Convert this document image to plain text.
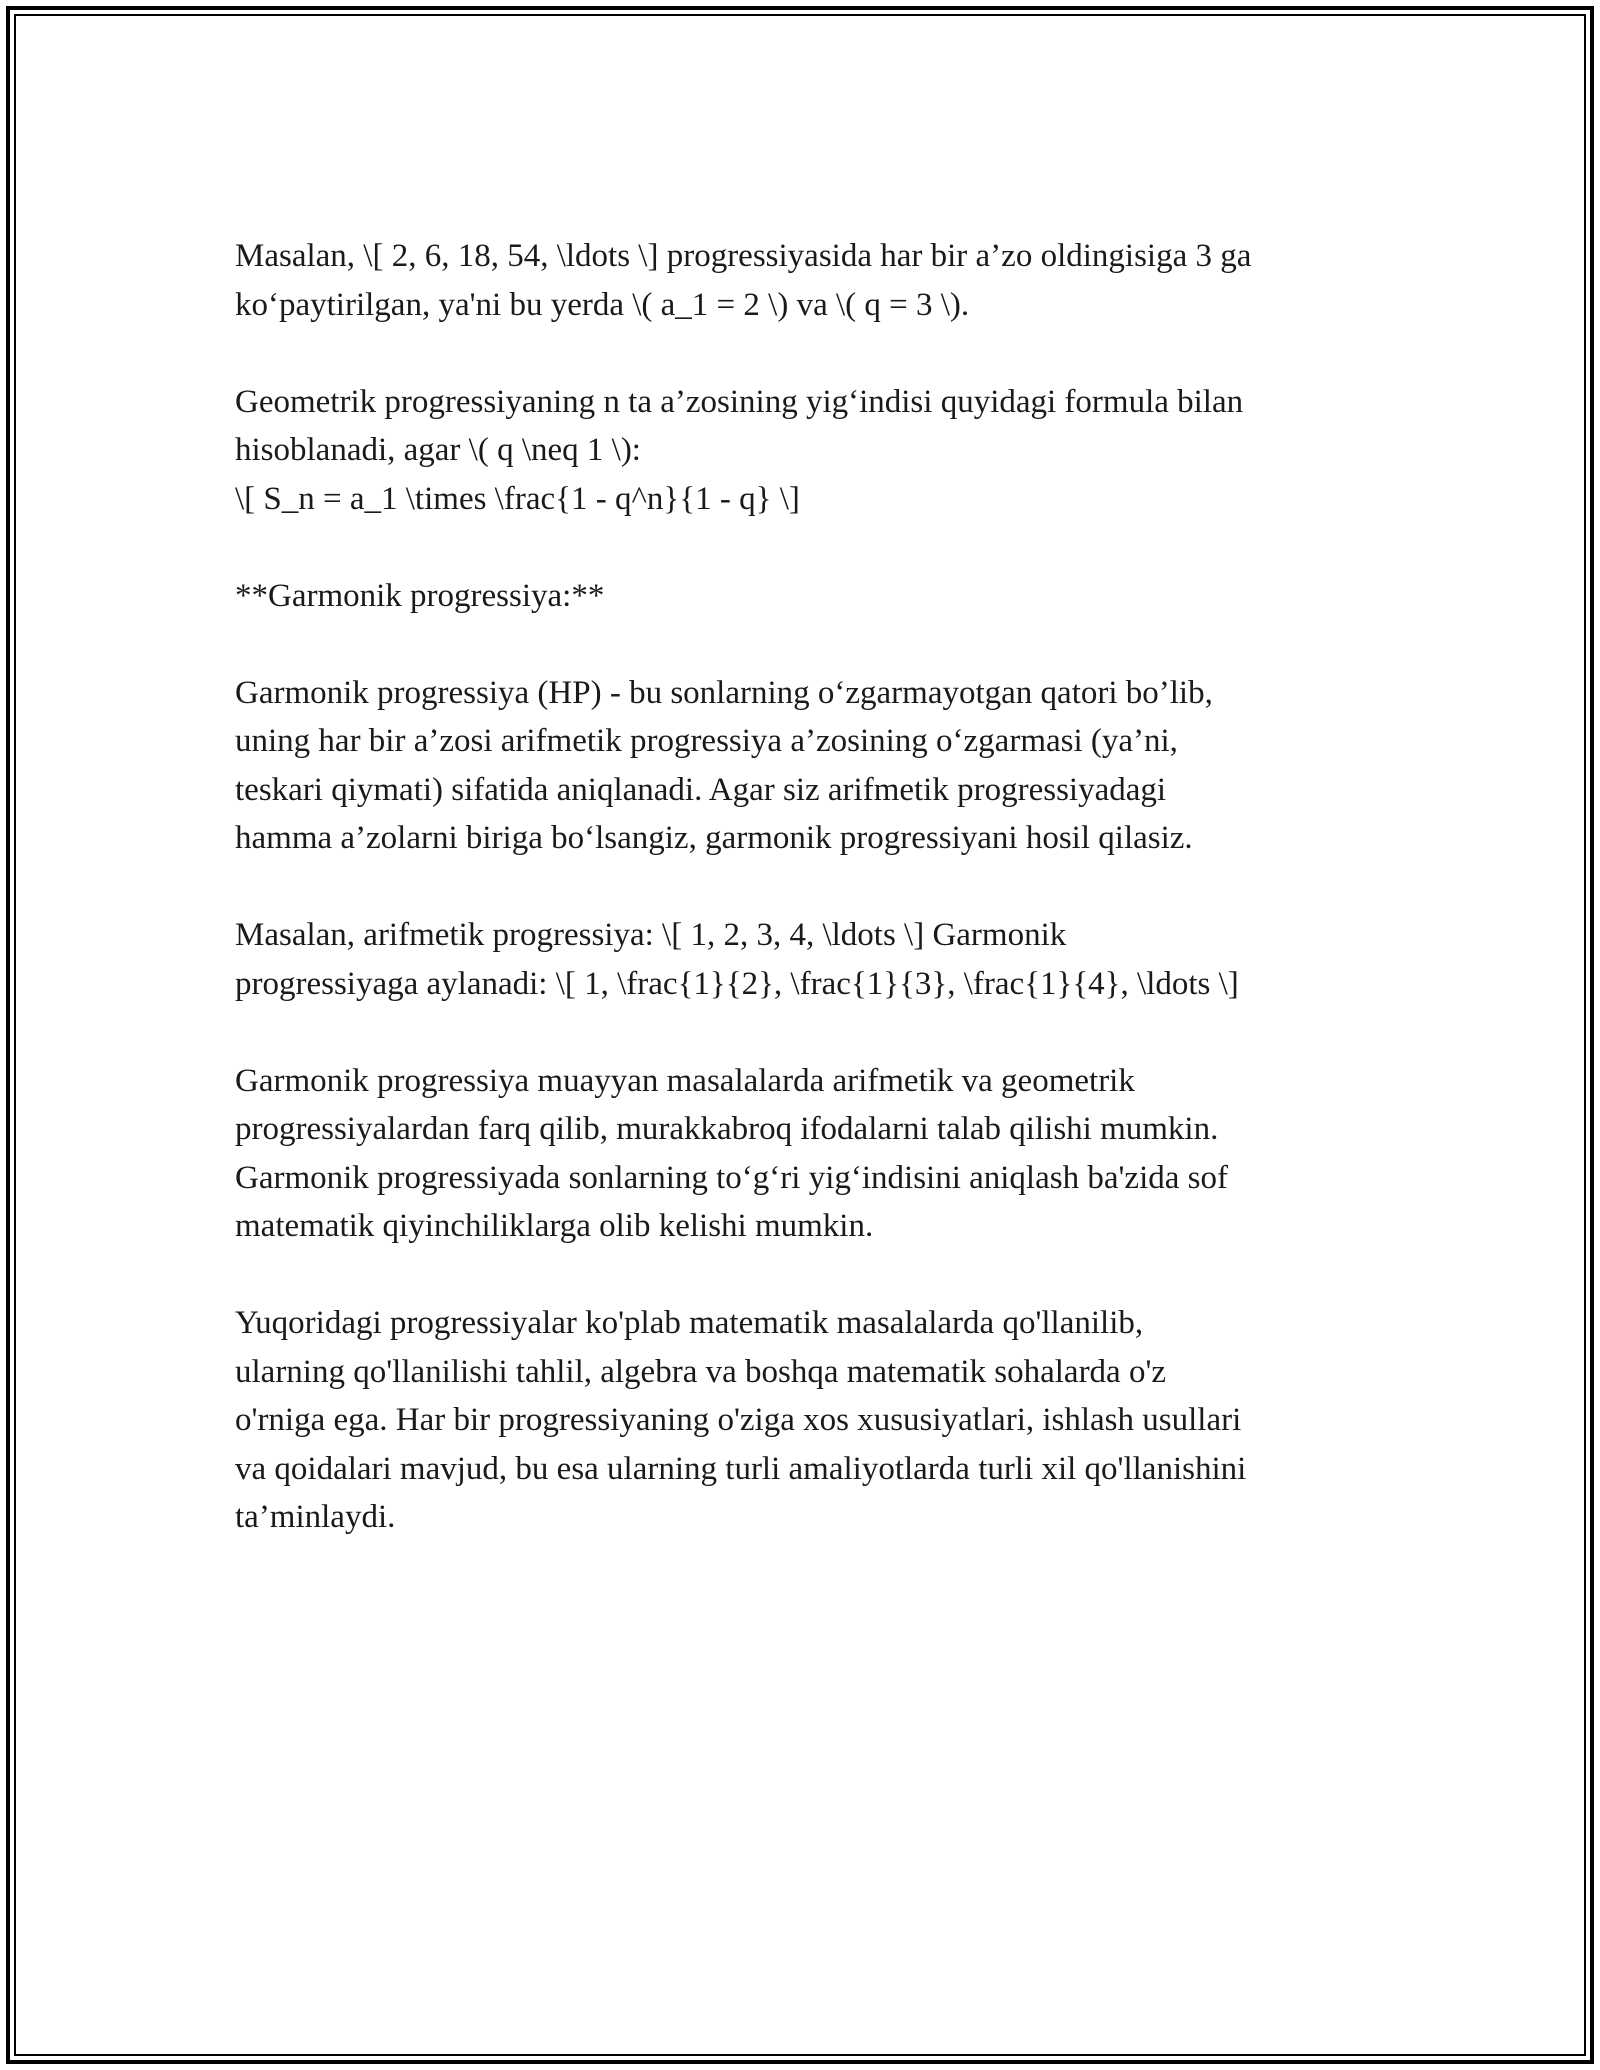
Masalan, \[ 2, 6, 18, 54, \ldots \] progressiyasida har bir a’zo oldingisiga 3 ga
ko‘paytirilgan, ya'ni bu yerda \( a_1 = 2 \) va \( q = 3 \).

Geometrik progressiyaning n ta a’zosining yig‘indisi quyidagi formula bilan
hisoblanadi, agar \( q \neq 1 \):
\[ S_n = a_1 \times \frac{1 - q^n}{1 - q} \]

**Garmonik progressiya:**

Garmonik progressiya (HP) - bu sonlarning o‘zgarmayotgan qatori bo’lib,
uning har bir a’zosi arifmetik progressiya a’zosining o‘zgarmasi (ya’ni,
teskari qiymati) sifatida aniqlanadi. Agar siz arifmetik progressiyadagi
hamma a’zolarni biriga bo‘lsangiz, garmonik progressiyani hosil qilasiz.

Masalan, arifmetik progressiya: \[ 1, 2, 3, 4, \ldots \] Garmonik
progressiyaga aylanadi: \[ 1, \frac{1}{2}, \frac{1}{3}, \frac{1}{4}, \ldots \]

Garmonik progressiya muayyan masalalarda arifmetik va geometrik
progressiyalardan farq qilib, murakkabroq ifodalarni talab qilishi mumkin.
Garmonik progressiyada sonlarning to‘g‘ri yig‘indisini aniqlash ba'zida sof
matematik qiyinchiliklarga olib kelishi mumkin.

Yuqoridagi progressiyalar ko'plab matematik masalalarda qo'llanilib,
ularning qo'llanilishi tahlil, algebra va boshqa matematik sohalarda o'z
o'rniga ega. Har bir progressiyaning o'ziga xos xususiyatlari, ishlash usullari
va qoidalari mavjud, bu esa ularning turli amaliyotlarda turli xil qo'llanishini
ta’minlaydi.
